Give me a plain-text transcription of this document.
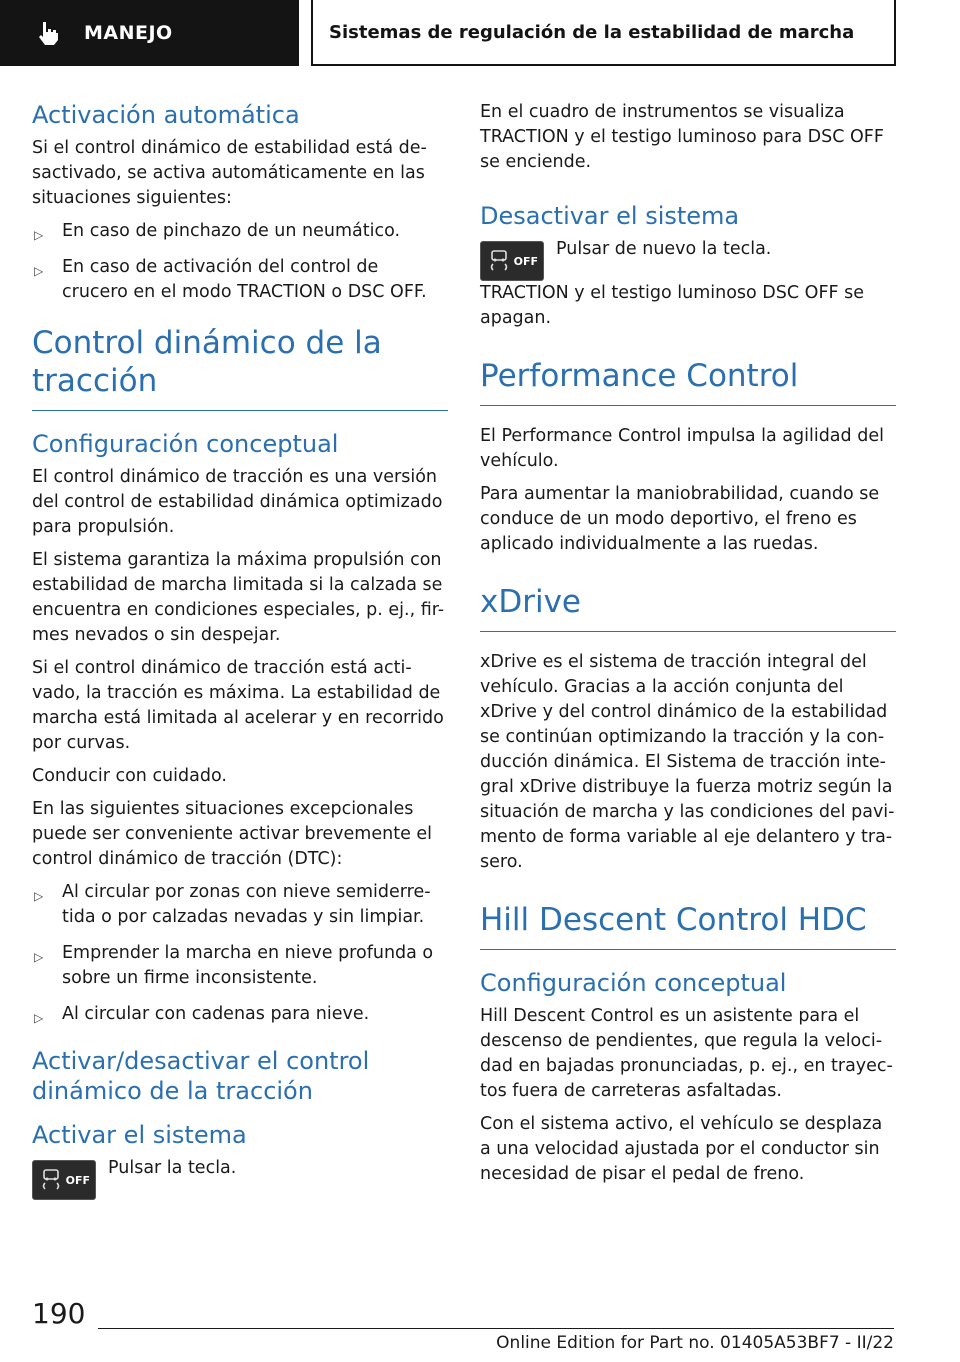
MANEJO	Sistemas de regulación de la estabilidad de marcha
Activación automática

Si el control dinámico de estabilidad está de-sactivado, se activa automáticamente en las situaciones siguientes:

▷ En caso de pinchazo de un neumático.
▷ En caso de activación del control de crucero en el modo TRACTION o DSC OFF.
Control dinámico de la tracción
Configuración conceptual

El control dinámico de tracción es una versión del control de estabilidad dinámica optimizado para propulsión.

El sistema garantiza la máxima propulsión con estabilidad de marcha limitada si la calzada se encuentra en condiciones especiales, p. ej., fir-mes nevados o sin despejar.

Si el control dinámico de tracción está acti-vado, la tracción es máxima. La estabilidad de marcha está limitada al acelerar y en recorrido por curvas.

Conducir con cuidado.

En las siguientes situaciones excepcionales puede ser conveniente activar brevemente el control dinámico de tracción (DTC):

▷ Al circular por zonas con nieve semiderre-tida o por calzadas nevadas y sin limpiar.
▷ Emprender la marcha en nieve profunda o sobre un firme inconsistente.
▷ Al circular con cadenas para nieve.
Activar/desactivar el control dinámico de la tracción
Activar el sistema
OFF

Pulsar la tecla.

En el cuadro de instrumentos se visualiza TRACTION y el testigo luminoso para DSC OFF se enciende.

Desactivar el sistema
OFF

Pulsar de nuevo la tecla.

TRACTION y el testigo luminoso DSC OFF se apagan.

Performance Control

El Performance Control impulsa la agilidad del vehículo.

Para aumentar la maniobrabilidad, cuando se conduce de un modo deportivo, el freno es aplicado individualmente a las ruedas.

xDrive

xDrive es el sistema de tracción integral del vehículo. Gracias a la acción conjunta del xDrive y del control dinámico de la estabilidad se continúan optimizando la tracción y la con-ducción dinámica. El Sistema de tracción inte-gral xDrive distribuye la fuerza motriz según la situación de marcha y las condiciones del pavi-mento de forma variable al eje delantero y tra-sero.

Hill Descent Control HDC
Configuración conceptual

Hill Descent Control es un asistente para el descenso de pendientes, que regula la veloci-dad en bajadas pronunciadas, p. ej., en trayec-tos fuera de carreteras asfaltadas.

Con el sistema activo, el vehículo se desplaza a una velocidad ajustada por el conductor sin necesidad de pisar el pedal de freno.

190
Online Edition for Part no. 01405A53BF7 - II/22
